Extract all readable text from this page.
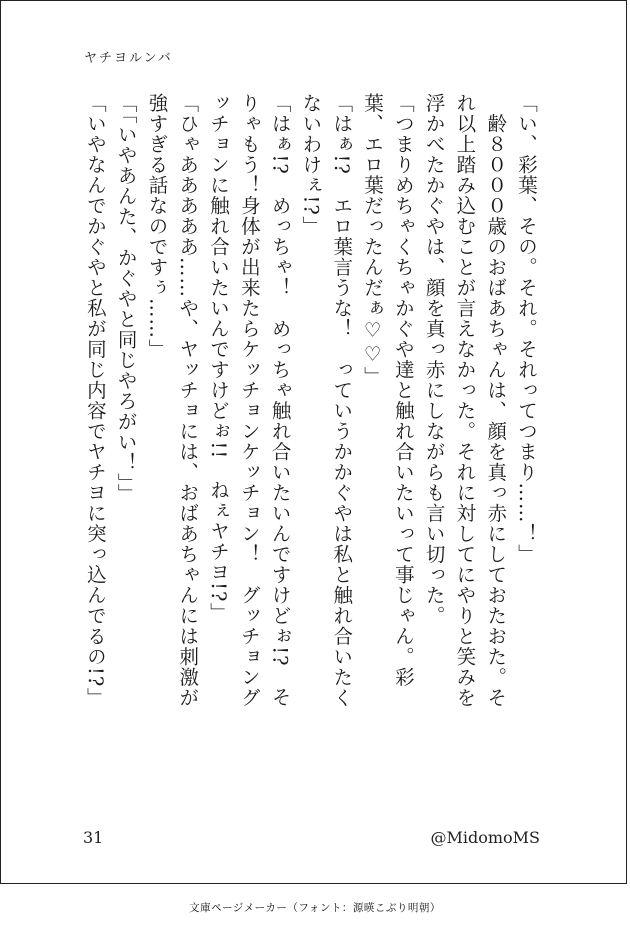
ヤチヨルンバ

「い、彩葉、その。それ。それってつまり……！」

　齢８０００歳のおばあちゃんは、顔を真っ赤にしておたおた。それ以上踏み込むことが言えなかった。それに対してにやりと笑みを浮かべたかぐやは、顔を真っ赤にしながらも言い切った。

「つまりめちゃくちゃかぐや達と触れ合いたいって事じゃん。彩葉、エロ葉だったんだぁ♡♡」

「はぁ!?　エロ葉言うな！　っていうかかぐやは私と触れ合いたくないわけぇ!?」

「はぁ!?　めっちゃ！　めっちゃ触れ合いたいんですけどぉ!?　そりゃもう！身体が出来たらケッチョンケッチョン！　グッチョングッチョンに触れ合いたいんですけどぉ!!　ねぇヤチヨ!?」

「ひゃあああああ……や、ヤッチョには、おばあちゃんには刺激が強すぎる話なのですぅ……」

「「いやあんた、かぐやと同じやろがい！」」

「いやなんでかぐやと私が同じ内容でヤチヨに突っ込んでるの!?」

31	@MidomoMS
文庫ページメーカー（フォント：源暎こぶり明朝）
